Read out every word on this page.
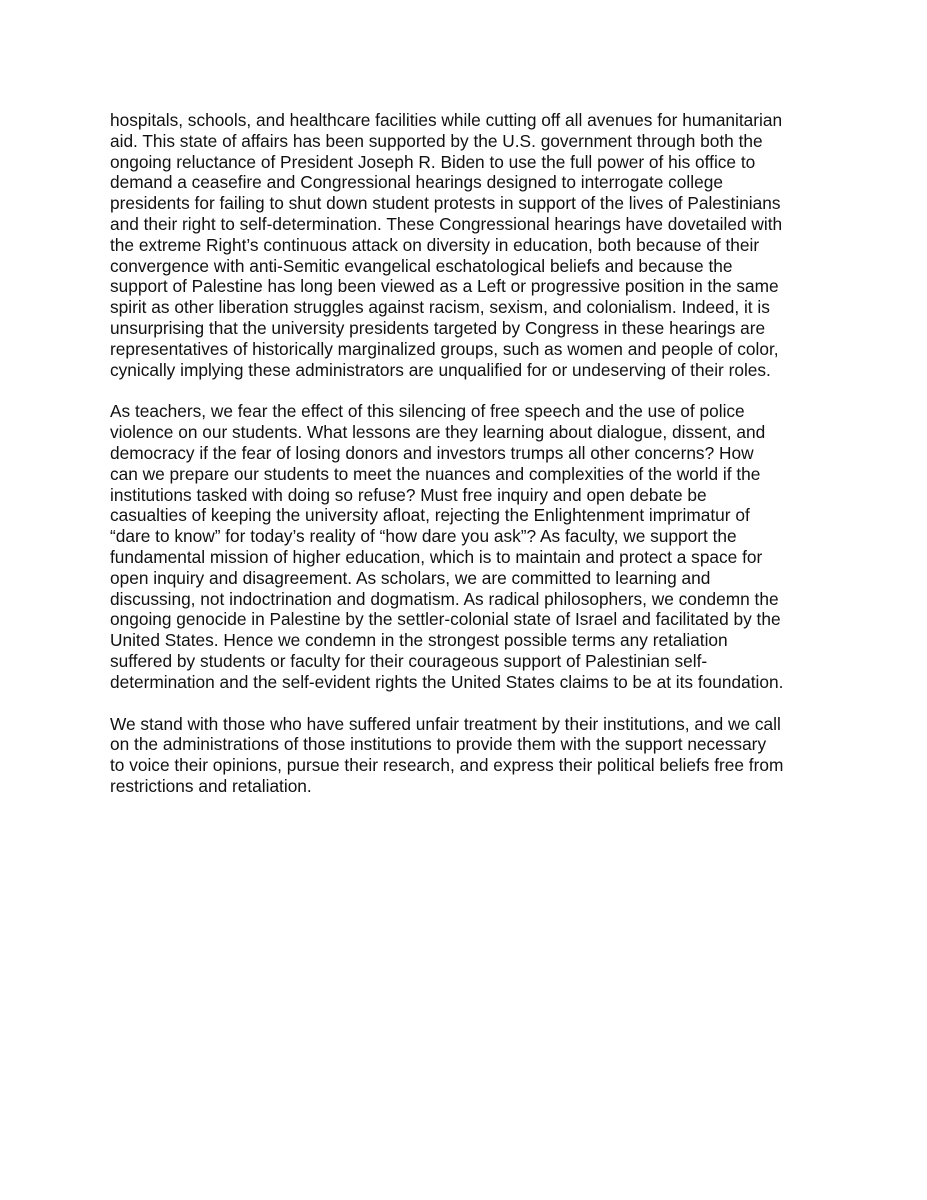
hospitals, schools, and healthcare facilities while cutting off all avenues for humanitarian
aid. This state of affairs has been supported by the U.S. government through both the
ongoing reluctance of President Joseph R. Biden to use the full power of his office to
demand a ceasefire and Congressional hearings designed to interrogate college
presidents for failing to shut down student protests in support of the lives of Palestinians
and their right to self-determination. These Congressional hearings have dovetailed with
the extreme Right’s continuous attack on diversity in education, both because of their
convergence with anti-Semitic evangelical eschatological beliefs and because the
support of Palestine has long been viewed as a Left or progressive position in the same
spirit as other liberation struggles against racism, sexism, and colonialism. Indeed, it is
unsurprising that the university presidents targeted by Congress in these hearings are
representatives of historically marginalized groups, such as women and people of color,
cynically implying these administrators are unqualified for or undeserving of their roles.
As teachers, we fear the effect of this silencing of free speech and the use of police
violence on our students. What lessons are they learning about dialogue, dissent, and
democracy if the fear of losing donors and investors trumps all other concerns? How
can we prepare our students to meet the nuances and complexities of the world if the
institutions tasked with doing so refuse? Must free inquiry and open debate be
casualties of keeping the university afloat, rejecting the Enlightenment imprimatur of
“dare to know” for today’s reality of “how dare you ask”? As faculty, we support the
fundamental mission of higher education, which is to maintain and protect a space for
open inquiry and disagreement. As scholars, we are committed to learning and
discussing, not indoctrination and dogmatism. As radical philosophers, we condemn the
ongoing genocide in Palestine by the settler-colonial state of Israel and facilitated by the
United States. Hence we condemn in the strongest possible terms any retaliation
suffered by students or faculty for their courageous support of Palestinian self-
determination and the self-evident rights the United States claims to be at its foundation.
We stand with those who have suffered unfair treatment by their institutions, and we call
on the administrations of those institutions to provide them with the support necessary
to voice their opinions, pursue their research, and express their political beliefs free from
restrictions and retaliation.
